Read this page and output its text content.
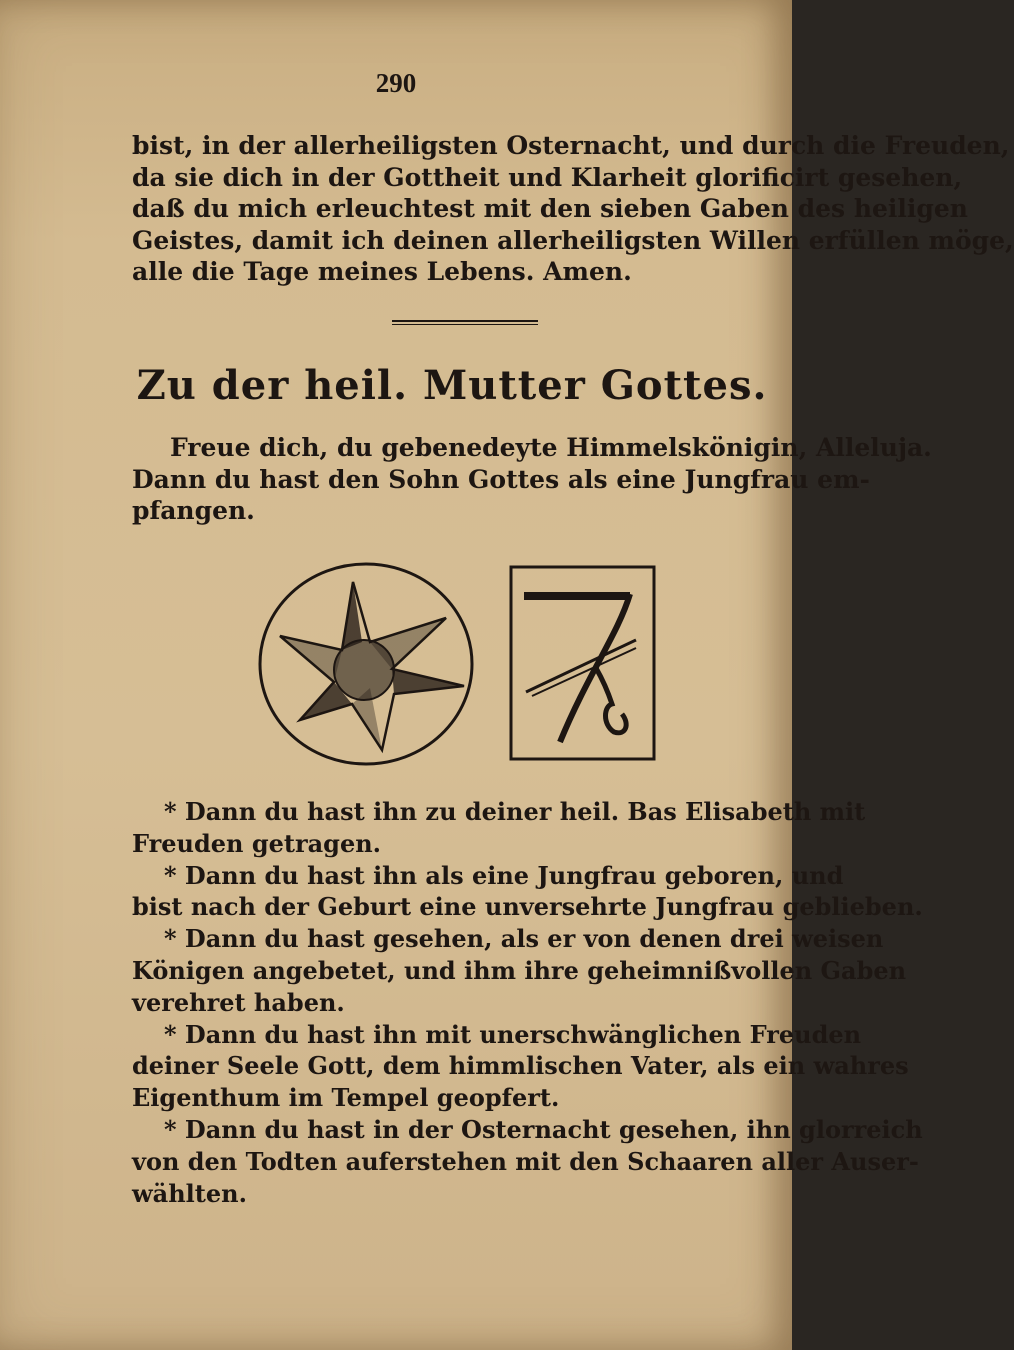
290
bist, in der allerheiligsten Osternacht, und durch die Freuden,
da sie dich in der Gottheit und Klarheit glorificirt gesehen,
daß du mich erleuchtest mit den sieben Gaben des heiligen
Geistes, damit ich deinen allerheiligsten Willen erfüllen möge,
alle die Tage meines Lebens. Amen.
Zu der heil. Mutter Gottes.
Freue dich, du gebenedeyte Himmelskönigin, Alleluja.
Dann du hast den Sohn Gottes als eine Jungfrau em-
pfangen.
* Dann du hast ihn zu deiner heil. Bas Elisabeth mit
Freuden getragen.
* Dann du hast ihn als eine Jungfrau geboren, und
bist nach der Geburt eine unversehrte Jungfrau geblieben.
* Dann du hast gesehen, als er von denen drei weisen
Königen angebetet, und ihm ihre geheimnißvollen Gaben
verehret haben.
* Dann du hast ihn mit unerschwänglichen Freuden
deiner Seele Gott, dem himmlischen Vater, als ein wahres
Eigenthum im Tempel geopfert.
* Dann du hast in der Osternacht gesehen, ihn glorreich
von den Todten auferstehen mit den Schaaren aller Auser-
wählten.
